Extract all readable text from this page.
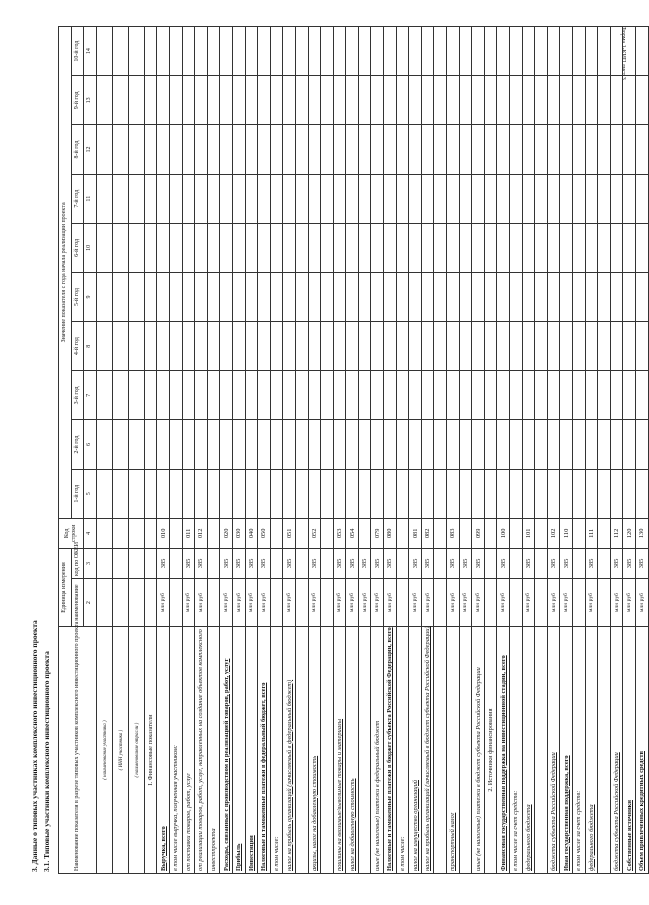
Форма 1-КИП лист 3
3. Данные о типовых участниках комплексного инвестиционного проекта 3.1. Типовые участники комплексного инвестиционного проекта	Наименование показателя в разрезе типовых участников комплексного инвестиционного проекта	Единица измерения		Код строки	Значение показателя с года начала реализации проекта									
	наименование	код по ОКЕИ		1-й год	2-й год	3-й год	4-й год	5-й год	6-й год	7-й год	8-й год	9-й год	10-й год
	2	3	4	5	6	7	8	9	10	11	12	13	14
( наименование участника )													
( ИНН участника )													
( наименование отрасли )													
I. Финансовые показатели													
Выручка, всего	млн руб	385	010										
в том числе выручка, полученная участником:													
от поставки товаров, работ, услуг	млн руб	385	011										
от реализации товаров, работ, услуг, направленных на создание объектов комплексного	млн руб	385	012										
инвестпроекта													
Расходы, связанные с производством и реализацией товаров, работ, услуг	млн руб	385	020										
Прибыль	млн руб	385	030										
Инвестиции	млн руб	385	040										
Налоговые и таможенные платежи в федеральный бюджет, всего	млн руб	385	050										
в том числе:													
налог на прибыль организаций (зачисляемый в федеральный бюджет)	млн руб	385	051										

акцизы, налог на добавленную стоимость	млн руб	385	052										

пошлины на ввозимые/вывозимые товары и материалы	млн руб	385	053										
налог на добавленную стоимость	млн руб	385	054										
	млн руб	385											
иные (не налоговые) платежи в федеральный бюджет	млн руб	385	079										
Налоговые и таможенные платежи в бюджет субъекта Российской Федерации, всего	млн руб	385	080										
в том числе:													
налог на имущество организаций	млн руб	385	081										
налог на прибыль организаций (зачисляемый в бюджет субъекта Российской Федерации)	млн руб	385	082										

транспортный налог	млн руб	385	083										
	млн руб	385											
иные (не налоговые) платежи в бюджет субъекта Российской Федерации	млн руб	385	099										
2. Источники финансирования													
Финансовая государственная поддержка на инвестиционной стадии, всего	млн руб	385	100										
в том числе за счет средств:													
федерального бюджета	млн руб	385	101										

бюджета субъекта Российской Федерации	млн руб	385	102										
Иная государственная поддержка, всего	млн руб	385	110										
в том числе за счет средств:													
федерального бюджета	млн руб	385	111										

бюджета субъекта Российской Федерации	млн руб	385	112										
Собственные источники	млн руб	385	120										
Объем привлеченных кредитных средств	млн руб	385	130										
